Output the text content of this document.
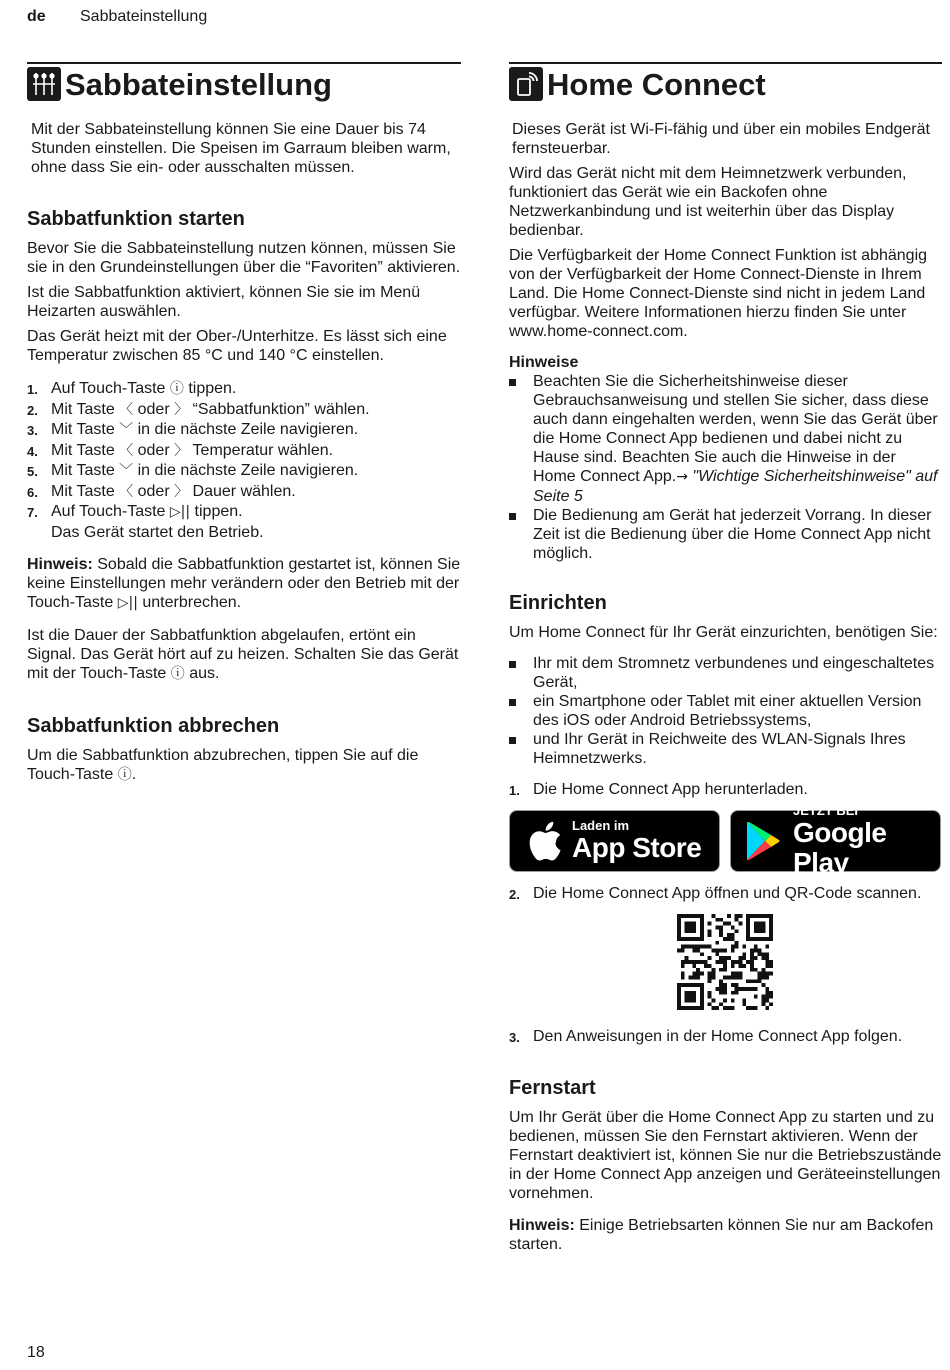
de Sabbateinstellung
Sabbateinstellung

Mit der Sabbateinstellung können Sie eine Dauer bis 74 Stunden einstellen. Die Speisen im Garraum bleiben warm, ohne dass Sie ein- oder ausschalten müssen.

Sabbatfunktion starten

Bevor Sie die Sabbateinstellung nutzen können, müssen Sie sie in den Grundeinstellungen über die “Favoriten” aktivieren.

Ist die Sabbatfunktion aktiviert, können Sie sie im Menü Heizarten auswählen.

Das Gerät heizt mit der Ober-/Unterhitze. Es lässt sich eine Temperatur zwischen 85 °C und 140 °C einstellen.

1. Auf Touch-Taste ⓘ tippen.
2. Mit Taste 〈 oder 〉 “Sabbatfunktion” wählen.
3. Mit Taste ﹀ in die nächste Zeile navigieren.
4. Mit Taste 〈 oder 〉 Temperatur wählen.
5. Mit Taste ﹀ in die nächste Zeile navigieren.
6. Mit Taste 〈 oder 〉 Dauer wählen.
7. Auf Touch-Taste ▷|| tippen.
Das Gerät startet den Betrieb.

Hinweis: Sobald die Sabbatfunktion gestartet ist, können Sie keine Einstellungen mehr verändern oder den Betrieb mit der Touch-Taste ▷|| unterbrechen.

Ist die Dauer der Sabbatfunktion abgelaufen, ertönt ein Signal. Das Gerät hört auf zu heizen. Schalten Sie das Gerät mit der Touch-Taste ⓘ aus.

Sabbatfunktion abbrechen

Um die Sabbatfunktion abzubrechen, tippen Sie auf die Touch-Taste ⓘ.

Home Connect

Dieses Gerät ist Wi-Fi-fähig und über ein mobiles Endgerät fernsteuerbar.

Wird das Gerät nicht mit dem Heimnetzwerk verbunden, funktioniert das Gerät wie ein Backofen ohne Netzwerkanbindung und ist weiterhin über das Display bedienbar.

Die Verfügbarkeit der Home Connect Funktion ist abhängig von der Verfügbarkeit der Home Connect-Dienste in Ihrem Land. Die Home Connect-Dienste sind nicht in jedem Land verfügbar. Weitere Informationen hierzu finden Sie unter www.home-connect.com.

Hinweise
Beachten Sie die Sicherheitshinweise dieser Gebrauchsanweisung und stellen Sie sicher, dass diese auch dann eingehalten werden, wenn Sie das Gerät über die Home Connect App bedienen und dabei nicht zu Hause sind. Beachten Sie auch die Hinweise in der Home Connect App.→ "Wichtige Sicherheitshinweise" auf Seite 5
Die Bedienung am Gerät hat jederzeit Vorrang. In dieser Zeit ist die Bedienung über die Home Connect App nicht möglich.
Einrichten

Um Home Connect für Ihr Gerät einzurichten, benötigen Sie:

Ihr mit dem Stromnetz verbundenes und eingeschaltetes Gerät,
ein Smartphone oder Tablet mit einer aktuellen Version des iOS oder Android Betriebssystems,
und Ihr Gerät in Reichweite des WLAN-Signals Ihres Heimnetzwerks.
1. Die Home Connect App herunterladen.
Laden im
App Store
JETZT BEI
Google Play
2. Die Home Connect App öffnen und QR-Code scannen.
3. Den Anweisungen in der Home Connect App folgen.
Fernstart

Um Ihr Gerät über die Home Connect App zu starten und zu bedienen, müssen Sie den Fernstart aktivieren. Wenn der Fernstart deaktiviert ist, können Sie nur die Betriebszustände in der Home Connect App anzeigen und Geräteeinstellungen vornehmen.

Hinweis: Einige Betriebsarten können Sie nur am Backofen starten.

18
